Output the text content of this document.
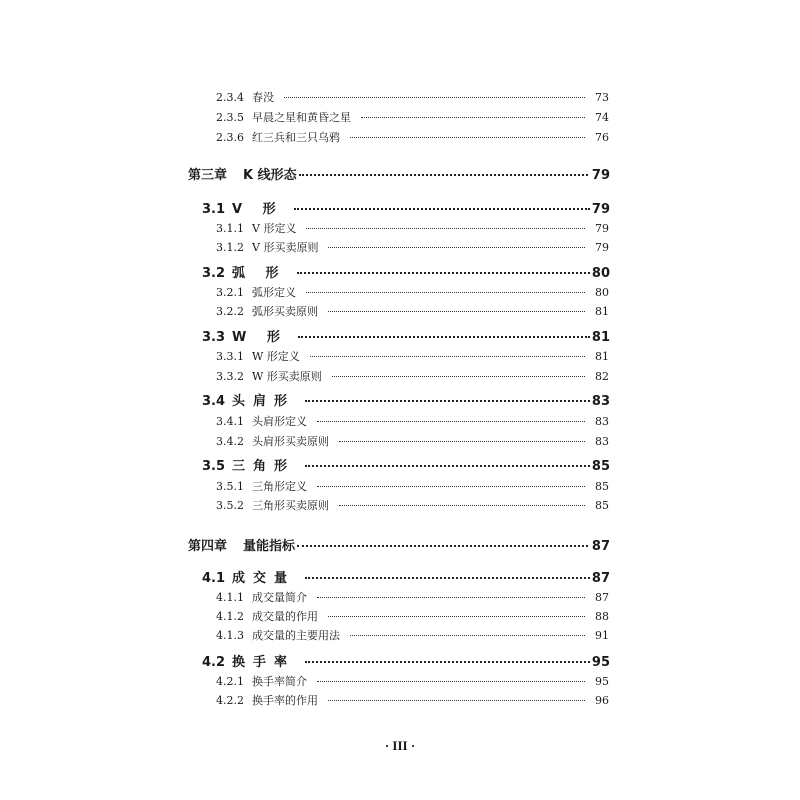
2.3.4 春没	73
2.3.5 早晨之星和黄昏之星	74
2.3.6 红三兵和三只乌鸦	76
第三章 K 线形态	79
3.1 V 形	79
3.1.1 V 形定义	79
3.1.2 V 形买卖原则	79
3.2 弧 形	80
3.2.1 弧形定义	80
3.2.2 弧形买卖原则	81
3.3 W 形	81
3.3.1 W 形定义	81
3.3.2 W 形买卖原则	82
3.4 头肩形	83
3.4.1 头肩形定义	83
3.4.2 头肩形买卖原则	83
3.5 三角形	85
3.5.1 三角形定义	85
3.5.2 三角形买卖原则	85
第四章 量能指标	87
4.1 成交量	87
4.1.1 成交量简介	87
4.1.2 成交量的作用	88
4.1.3 成交量的主要用法	91
4.2 换手率	95
4.2.1 换手率简介	95
4.2.2 换手率的作用	96
· III ·
